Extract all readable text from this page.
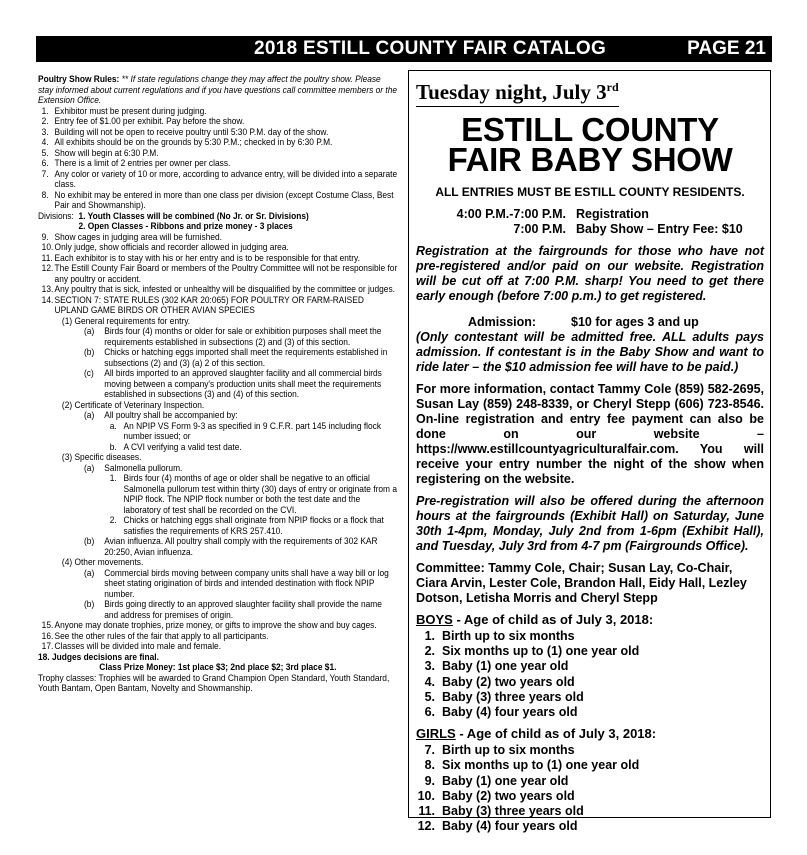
2018 ESTILL COUNTY FAIR CATALOG	PAGE 21

Poultry Show Rules: ** If state regulations change they may affect the poultry show. Please stay informed about current regulations and if you have questions call committee members or the Extension Office.

1. Exhibitor must be present during judging.
2. Entry fee of $1.00 per exhibit. Pay before the show.
3. Building will not be open to receive poultry until 5:30 P.M. day of the show.
4. All exhibits should be on the grounds by 5:30 P.M.; checked in by 6:30 P.M.
5. Show will begin at 6:30 P.M.
6. There is a limit of 2 entries per owner per class.
7. Any color or variety of 10 or more, according to advance entry, will be divided into a separate class.
8. No exhibit may be entered in more than one class per division (except Costume Class, Best Pair and Showmanship).
Divisions: 1. Youth Classes will be combined (No Jr. or Sr. Divisions)
2. Open Classes - Ribbons and prize money - 3 places
9. Show cages in judging area will be furnished.
10. Only judge, show officials and recorder allowed in judging area.
11. Each exhibitor is to stay with his or her entry and is to be responsible for that entry.
12. The Estill County Fair Board or members of the Poultry Committee will not be responsible for any poultry or accident.
13. Any poultry that is sick, infested or unhealthy will be disqualified by the committee or judges.
14. SECTION 7: STATE RULES (302 KAR 20:065) FOR POULTRY OR FARM-RAISED UPLAND GAME BIRDS OR OTHER AVIAN SPECIES
(1) General requirements for entry.
(a)	Birds four (4) months or older for sale or exhibition purposes shall meet the requirements established in subsections (2) and (3) of this section.
(b)	Chicks or hatching eggs imported shall meet the requirements established in subsections (2) and (3) (a) 2 of this section.
(c)	All birds imported to an approved slaughter facility and all commercial birds moving between a company's production units shall meet the requirements established in subsections (3) and (4) of this section.
(2) Certificate of Veterinary Inspection.
(a)	All poultry shall be accompanied by:
a. An NPIP VS Form 9-3 as specified in 9 C.F.R. part 145 including flock number issued; or
b. A CVI verifying a valid test date.
(3) Specific diseases.
(a)	Salmonella pullorum.
1. Birds four (4) months of age or older shall be negative to an official Salmonella pullorum test within thirty (30) days of entry or originate from a NPIP flock. The NPIP flock number or both the test date and the laboratory of test shall be recorded on the CVI.
2. Chicks or hatching eggs shall originate from NPIP flocks or a flock that satisfies the requirements of KRS 257.410.
(b)	Avian influenza. All poultry shall comply with the requirements of 302 KAR 20:250, Avian influenza.
(4) Other movements.
(a)	Commercial birds moving between company units shall have a way bill or log sheet stating origination of birds and intended destination with flock NPIP number.
(b)	Birds going directly to an approved slaughter facility shall provide the name and address for premises of origin.
15. Anyone may donate trophies, prize money, or gifts to improve the show and buy cages.
16. See the other rules of the fair that apply to all participants.
17. Classes will be divided into male and female.

18. Judges decisions are final.

Class Prize Money: 1st place $3; 2nd place $2; 3rd place $1.

Trophy classes: Trophies will be awarded to Grand Champion Open Standard, Youth Standard, Youth Bantam, Open Bantam, Novelty and Showmanship.

Tuesday night, July 3rd
ESTILL COUNTY
FAIR BABY SHOW
ALL ENTRIES MUST BE ESTILL COUNTY RESIDENTS.
4:00 P.M.-7:00 P.M. Registration
7:00 P.M. Baby Show – Entry Fee: $10

Registration at the fairgrounds for those who have not pre-registered and/or paid on our website. Registration will be cut off at 7:00 P.M. sharp! You need to get there early enough (before 7:00 p.m.) to get registered.

Admission:	$10 for ages 3 and up

(Only contestant will be admitted free. ALL adults pays admission. If contestant is in the Baby Show and want to ride later – the $10 admission fee will have to be paid.)

For more information, contact Tammy Cole (859) 582-2695, Susan Lay (859) 248-8339, or Cheryl Stepp (606) 723-8546. On-line registration and entry fee payment can also be done on our website – https://www.estillcountyagriculturalfair.com. You will receive your entry number the night of the show when registering on the website.

Pre-registration will also be offered during the afternoon hours at the fairgrounds (Exhibit Hall) on Saturday, June 30th 1-4pm, Monday, July 2nd from 1-6pm (Exhibit Hall), and Tuesday, July 3rd from 4-7 pm (Fairgrounds Office).

Committee: Tammy Cole, Chair; Susan Lay, Co-Chair, Ciara Arvin, Lester Cole, Brandon Hall, Eidy Hall, Lezley Dotson, Letisha Morris and Cheryl Stepp

BOYS - Age of child as of July 3, 2018:
1. Birth up to six months
2. Six months up to (1) one year old
3. Baby (1) one year old
4. Baby (2) two years old
5. Baby (3) three years old
6. Baby (4) four years old
GIRLS - Age of child as of July 3, 2018:
7. Birth up to six months
8. Six months up to (1) one year old
9. Baby (1) one year old
10. Baby (2) two years old
11. Baby (3) three years old
12. Baby (4) four years old
